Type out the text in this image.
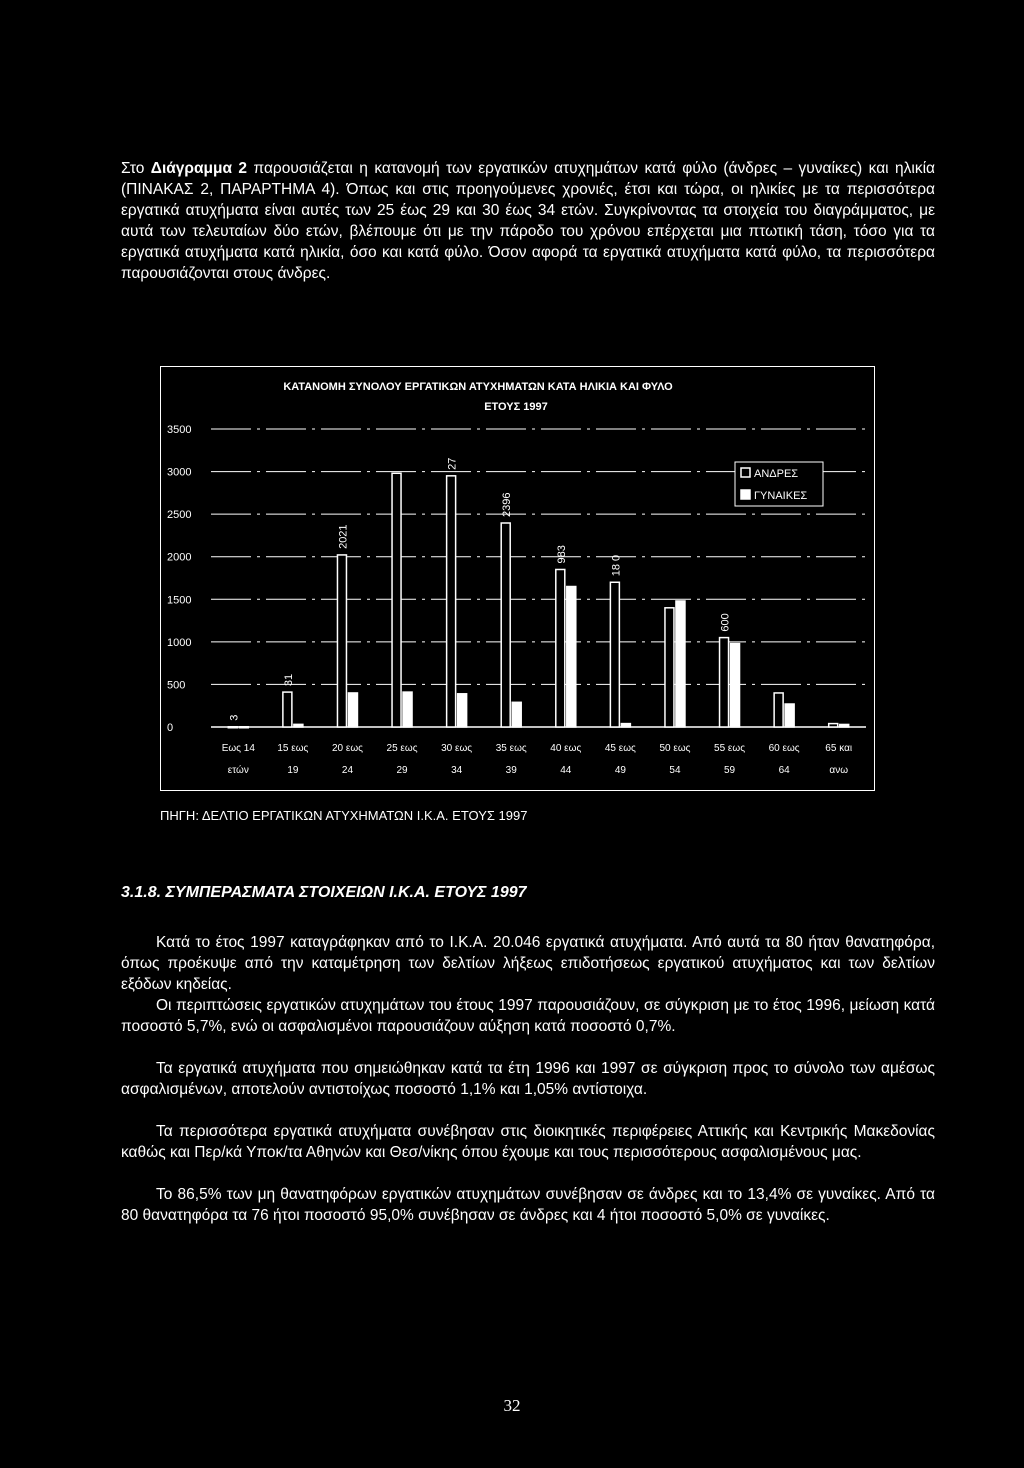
Στο Διάγραμμα 2 παρουσιάζεται η κατανομή των εργατικών ατυχημάτων κατά φύλο (άνδρες – γυναίκες) και ηλικία (ΠΙΝΑΚΑΣ 2, ΠΑΡΑΡΤΗΜΑ 4). Όπως και στις προηγούμενες χρονιές, έτσι και τώρα, οι ηλικίες με τα περισσότερα εργατικά ατυχήματα είναι αυτές των 25 έως 29 και 30 έως 34 ετών. Συγκρίνοντας τα στοιχεία του διαγράμματος, με αυτά των τελευταίων δύο ετών, βλέπουμε ότι με την πάροδο του χρόνου επέρχεται μια πτωτική τάση, τόσο για τα εργατικά ατυχήματα κατά ηλικία, όσο και κατά φύλο. Όσον αφορά τα εργατικά ατυχήματα κατά φύλο, τα περισσότερα παρουσιάζονται στους άνδρες.

ΚΑΤΑΝΟΜΗ ΣΥΝΟΛΟΥ ΕΡΓΑΤΙΚΩΝ ΑΤΥΧΗΜΑΤΩΝ ΚΑΤΑ ΗΛΙΚΙΑ ΚΑΙ ΦΥΛΟ
ΕΤΟΥΣ 1997
0
500
1000
1500
2000
2500
3000
3500
3
31
2021
27
2396
983
18 0
600
Εως 14
ετών
15 εως
19
20 εως
24
25 εως
29
30 εως
34
35 εως
39
40 εως
44
45 εως
49
50 εως
54
55 εως
59
60 εως
64
65 και
ανω
ΑΝΔΡΕΣ
ΓΥΝΑΙΚΕΣ
ΠΗΓΗ: ΔΕΛΤΙΟ ΕΡΓΑΤΙΚΩΝ ΑΤΥΧΗΜΑΤΩΝ Ι.Κ.Α. ΕΤΟΥΣ 1997
3.1.8. ΣΥΜΠΕΡΑΣΜΑΤΑ ΣΤΟΙΧΕΙΩΝ Ι.Κ.Α. ΕΤΟΥΣ 1997

Κατά το έτος 1997 καταγράφηκαν από το Ι.Κ.Α. 20.046 εργατικά ατυχήματα. Από αυτά τα 80 ήταν θανατηφόρα, όπως προέκυψε από την καταμέτρηση των δελτίων λήξεως επιδοτήσεως εργατικού ατυχήματος και των δελτίων εξόδων κηδείας.

Οι περιπτώσεις εργατικών ατυχημάτων του έτους 1997 παρουσιάζουν, σε σύγκριση με το έτος 1996, μείωση κατά ποσοστό 5,7%, ενώ οι ασφαλισμένοι παρουσιάζουν αύξηση κατά ποσοστό 0,7%.

Τα εργατικά ατυχήματα που σημειώθηκαν κατά τα έτη 1996 και 1997 σε σύγκριση προς το σύνολο των αμέσως ασφαλισμένων, αποτελούν αντιστοίχως ποσοστό 1,1% και 1,05% αντίστοιχα.

Τα περισσότερα εργατικά ατυχήματα συνέβησαν στις διοικητικές περιφέρειες Αττικής και Κεντρικής Μακεδονίας καθώς και Περ/κά Υποκ/τα Αθηνών και Θεσ/νίκης όπου έχουμε και τους περισσότερους ασφαλισμένους μας.

Το 86,5% των μη θανατηφόρων εργατικών ατυχημάτων συνέβησαν σε άνδρες και το 13,4% σε γυναίκες. Από τα 80 θανατηφόρα τα 76 ήτοι ποσοστό 95,0% συνέβησαν σε άνδρες και 4 ήτοι ποσοστό 5,0% σε γυναίκες.

32
